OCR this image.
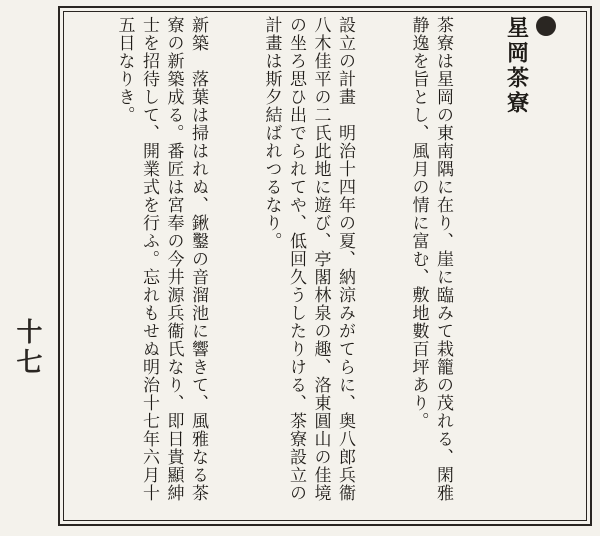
星岡茶寮

茶寮は星岡の東南隅に在り、崖に臨みて栽籠の茂れる、閑雅静逸を旨とし、風月の情に富む、敷地數百坪あり。

設立の計畫　明治十四年の夏、納涼みがてらに、奥八郎兵衞八木佳平の二氏此地に遊び、亭閣林泉の趣、洛東圓山の佳境の坐ろ思ひ出でられてや、低回久うしたりける、茶寮設立の計畫は斯夕結ばれつるなり。

新築　落葉は掃はれぬ、鍬鑿の音溜池に響きて、風雅なる茶寮の新築成る。番匠は宮奉の今井源兵衞氏なり、即日貴顯紳士を招待して、開業式を行ふ。忘れもせぬ明治十七年六月十五日なりき。

十七
